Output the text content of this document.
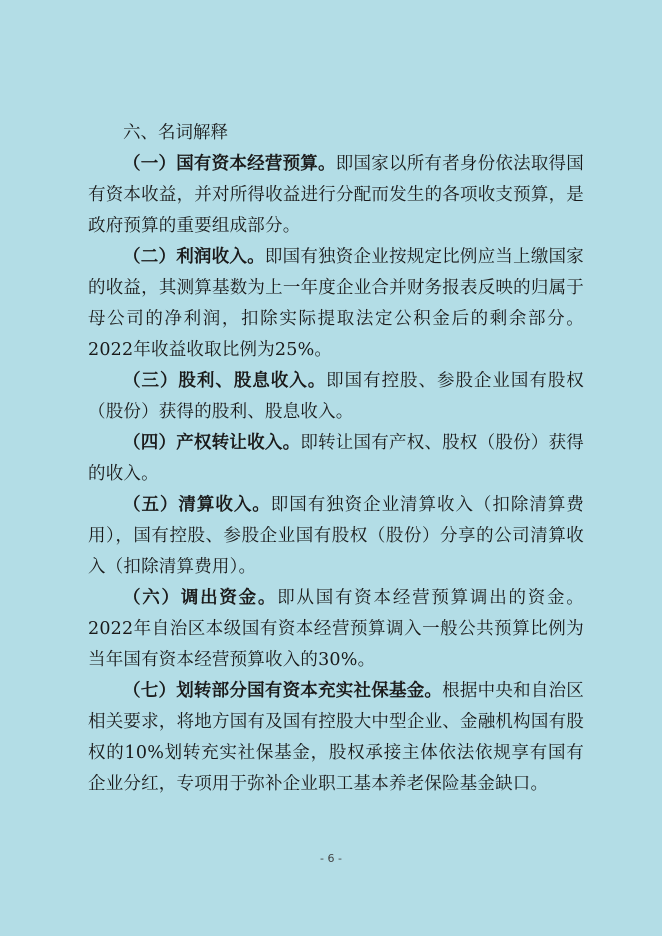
六、名词解释

（一）国有资本经营预算。即国家以所有者身份依法取得国有资本收益，并对所得收益进行分配而发生的各项收支预算，是政府预算的重要组成部分。

（二）利润收入。即国有独资企业按规定比例应当上缴国家的收益，其测算基数为上一年度企业合并财务报表反映的归属于母公司的净利润，扣除实际提取法定公积金后的剩余部分。2022年收益收取比例为25%。

（三）股利、股息收入。即国有控股、参股企业国有股权（股份）获得的股利、股息收入。

（四）产权转让收入。即转让国有产权、股权（股份）获得的收入。

（五）清算收入。即国有独资企业清算收入（扣除清算费用），国有控股、参股企业国有股权（股份）分享的公司清算收入（扣除清算费用）。

（六）调出资金。即从国有资本经营预算调出的资金。2022年自治区本级国有资本经营预算调入一般公共预算比例为当年国有资本经营预算收入的30%。

（七）划转部分国有资本充实社保基金。根据中央和自治区相关要求，将地方国有及国有控股大中型企业、金融机构国有股权的10%划转充实社保基金，股权承接主体依法依规享有国有企业分红，专项用于弥补企业职工基本养老保险基金缺口。

- 6 -
